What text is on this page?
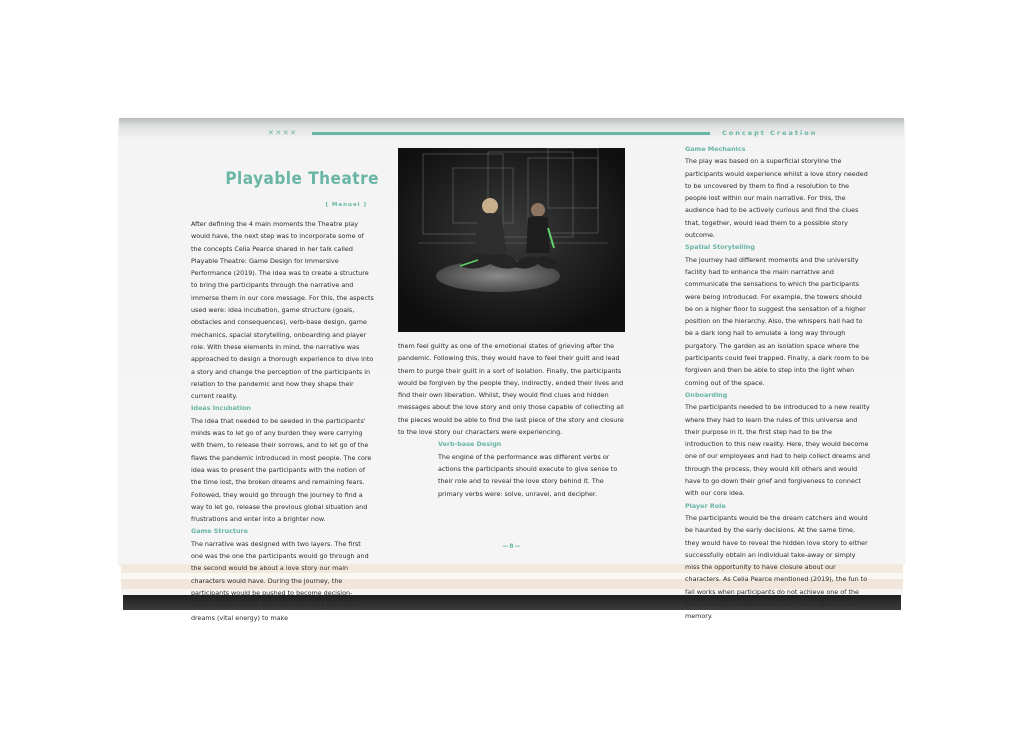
✕✕✕✕	Concept Creation
Playable Theatre
[ Manuel ]

After defining the 4 main moments the Theatre play would have, the next step was to incorporate some of the concepts Celia Pearce shared in her talk called Playable Theatre: Game Design for Immersive Performance (2019). The idea was to create a structure to bring the participants through the narrative and immerse them in our core message. For this, the aspects used were: idea incubation, game structure (goals, obstacles and consequences), verb-base design, game mechanics, spacial storytelling, onboarding and player role. With these elements in mind, the narrative was approached to design a thorough experience to dive into a story and change the perception of the participants in relation to the pandemic and how they shape their current reality.

Ideas Incubation

The idea that needed to be seeded in the participants' minds was to let go of any burden they were carrying with them, to release their sorrows, and to let go of the flaws the pandemic introduced in most people. The core idea was to present the participants with the notion of the time lost, the broken dreams and remaining fears. Followed, they would go through the journey to find a way to let go, release the previous global situation and frustrations and enter into a brighter now.

Game Structure

The narrative was designed with two layers. The first one was the one the participants would go through and the second would be about a love story our main characters would have. During the journey, the participants would be pushed to become decision-makers about others' lives when catching the victims' dreams (vital energy) to make

them feel guilty as one of the emotional states of grieving after the pandemic. Following this, they would have to feel their guilt and lead them to purge their guilt in a sort of isolation. Finally, the participants would be forgiven by the people they, indirectly, ended their lives and find their own liberation. Whilst, they would find clues and hidden messages about the love story and only those capable of collecting all the pieces would be able to find the last piece of the story and closure to the love story our characters were experiencing.

Verb-base Design

The engine of the performance was different verbs or actions the participants should execute to give sense to their role and to reveal the love story behind it. The primary verbs were: solve, unravel, and decipher.

Game Mechanics

The play was based on a superficial storyline the participants would experience whilst a love story needed to be uncovered by them to find a resolution to the people lost within our main narrative. For this, the audience had to be actively curious and find the clues that, together, would lead them to a possible story outcome.

Spatial Storytelling

The journey had different moments and the university facility had to enhance the main narrative and communicate the sensations to which the participants were being introduced. For example, the towers should be on a higher floor to suggest the sensation of a higher position on the hierarchy. Also, the whispers hall had to be a dark long hall to emulate a long way through purgatory. The garden as an isolation space where the participants could feel trapped. Finally, a dark room to be forgiven and then be able to step into the light when coming out of the space.

Onboarding

The participants needed to be introduced to a new reality where they had to learn the rules of this universe and their purpose in it, the first step had to be the introduction to this new reality. Here, they would become one of our employees and had to help collect dreams and through the process, they would kill others and would have to go down their grief and forgiveness to connect with our core idea.

Player Role

The participants would be the dream catchers and would be haunted by the early decisions. At the same time, they would have to reveal the hidden love story to either successfully obtain an individual take-away or simply miss the opportunity to have closure about our characters. As Celia Pearce mentioned (2019), the fun to fail works when participants do not achieve one of the goals making the experience itself last longer in their memory.

—8—
